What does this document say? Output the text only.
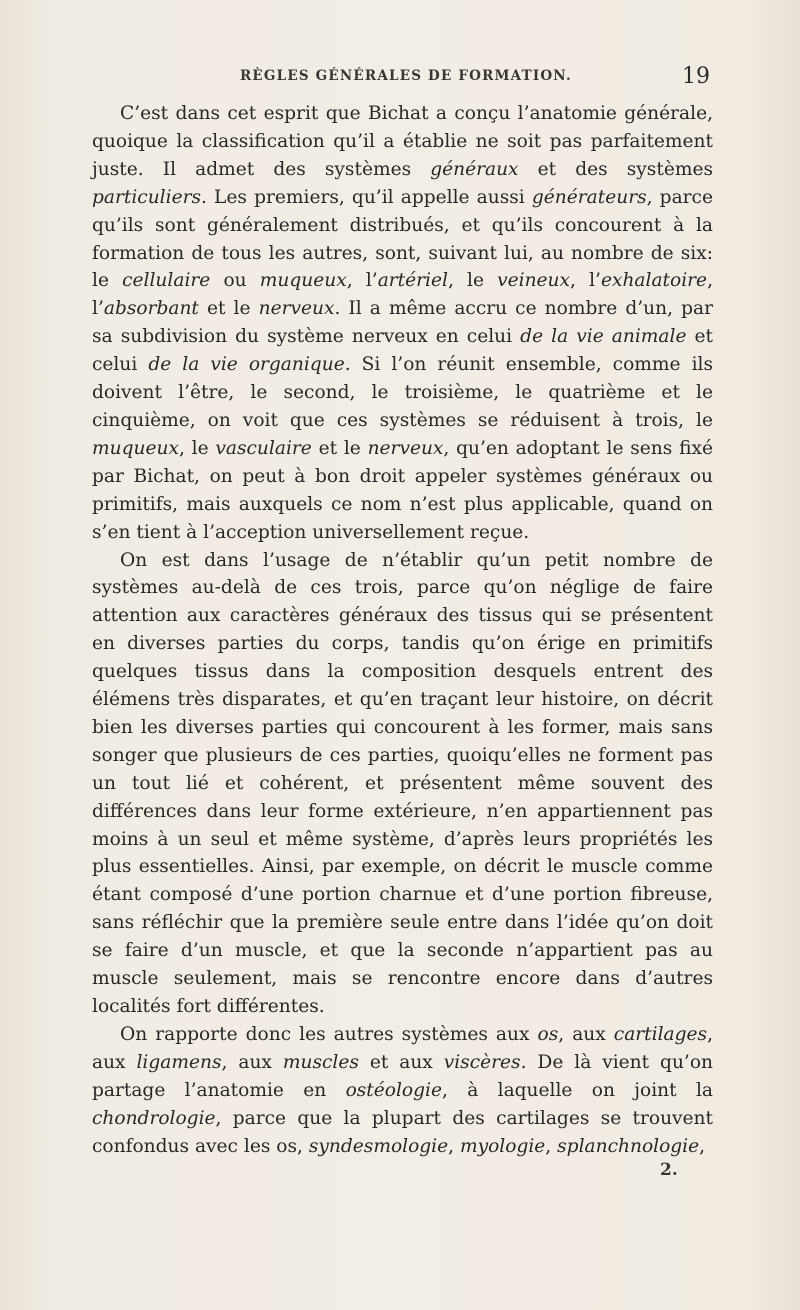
RÈGLES GÉNÉRALES DE FORMATION.	19

C’est dans cet esprit que Bichat a conçu l’anatomie générale, quoique la classification qu’il a établie ne soit pas parfaitement juste. Il admet des systèmes généraux et des systèmes particuliers. Les premiers, qu’il appelle aussi générateurs, parce qu’ils sont généralement distribués, et qu’ils concourent à la formation de tous les autres, sont, suivant lui, au nombre de six: le cellulaire ou muqueux, l’artériel, le veineux, l’exhalatoire, l’absorbant et le nerveux. Il a même accru ce nombre d’un, par sa subdivision du système nerveux en celui de la vie animale et celui de la vie organique. Si l’on réunit ensemble, comme ils doivent l’être, le second, le troisième, le quatrième et le cinquième, on voit que ces systèmes se réduisent à trois, le muqueux, le vasculaire et le nerveux, qu’en adoptant le sens fixé par Bichat, on peut à bon droit appeler systèmes généraux ou primitifs, mais auxquels ce nom n’est plus applicable, quand on s’en tient à l’acception universellement reçue.

On est dans l’usage de n’établir qu’un petit nombre de systèmes au-delà de ces trois, parce qu’on néglige de faire attention aux caractères généraux des tissus qui se présentent en diverses parties du corps, tandis qu’on érige en primitifs quelques tissus dans la composition desquels entrent des élémens très disparates, et qu’en traçant leur histoire, on décrit bien les diverses parties qui concourent à les former, mais sans songer que plusieurs de ces parties, quoiqu’elles ne forment pas un tout lié et cohérent, et présentent même souvent des différences dans leur forme extérieure, n’en appartiennent pas moins à un seul et même système, d’après leurs propriétés les plus essentielles. Ainsi, par exemple, on décrit le muscle comme étant composé d’une portion charnue et d’une portion fibreuse, sans réfléchir que la première seule entre dans l’idée qu’on doit se faire d’un muscle, et que la seconde n’appartient pas au muscle seulement, mais se rencontre encore dans d’autres localités fort différentes.

On rapporte donc les autres systèmes aux os, aux cartilages, aux ligamens, aux muscles et aux viscères. De là vient qu’on partage l’anatomie en ostéologie, à laquelle on joint la chondrologie, parce que la plupart des cartilages se trouvent confondus avec les os, syndesmologie, myologie, splanchnologie,

2.
